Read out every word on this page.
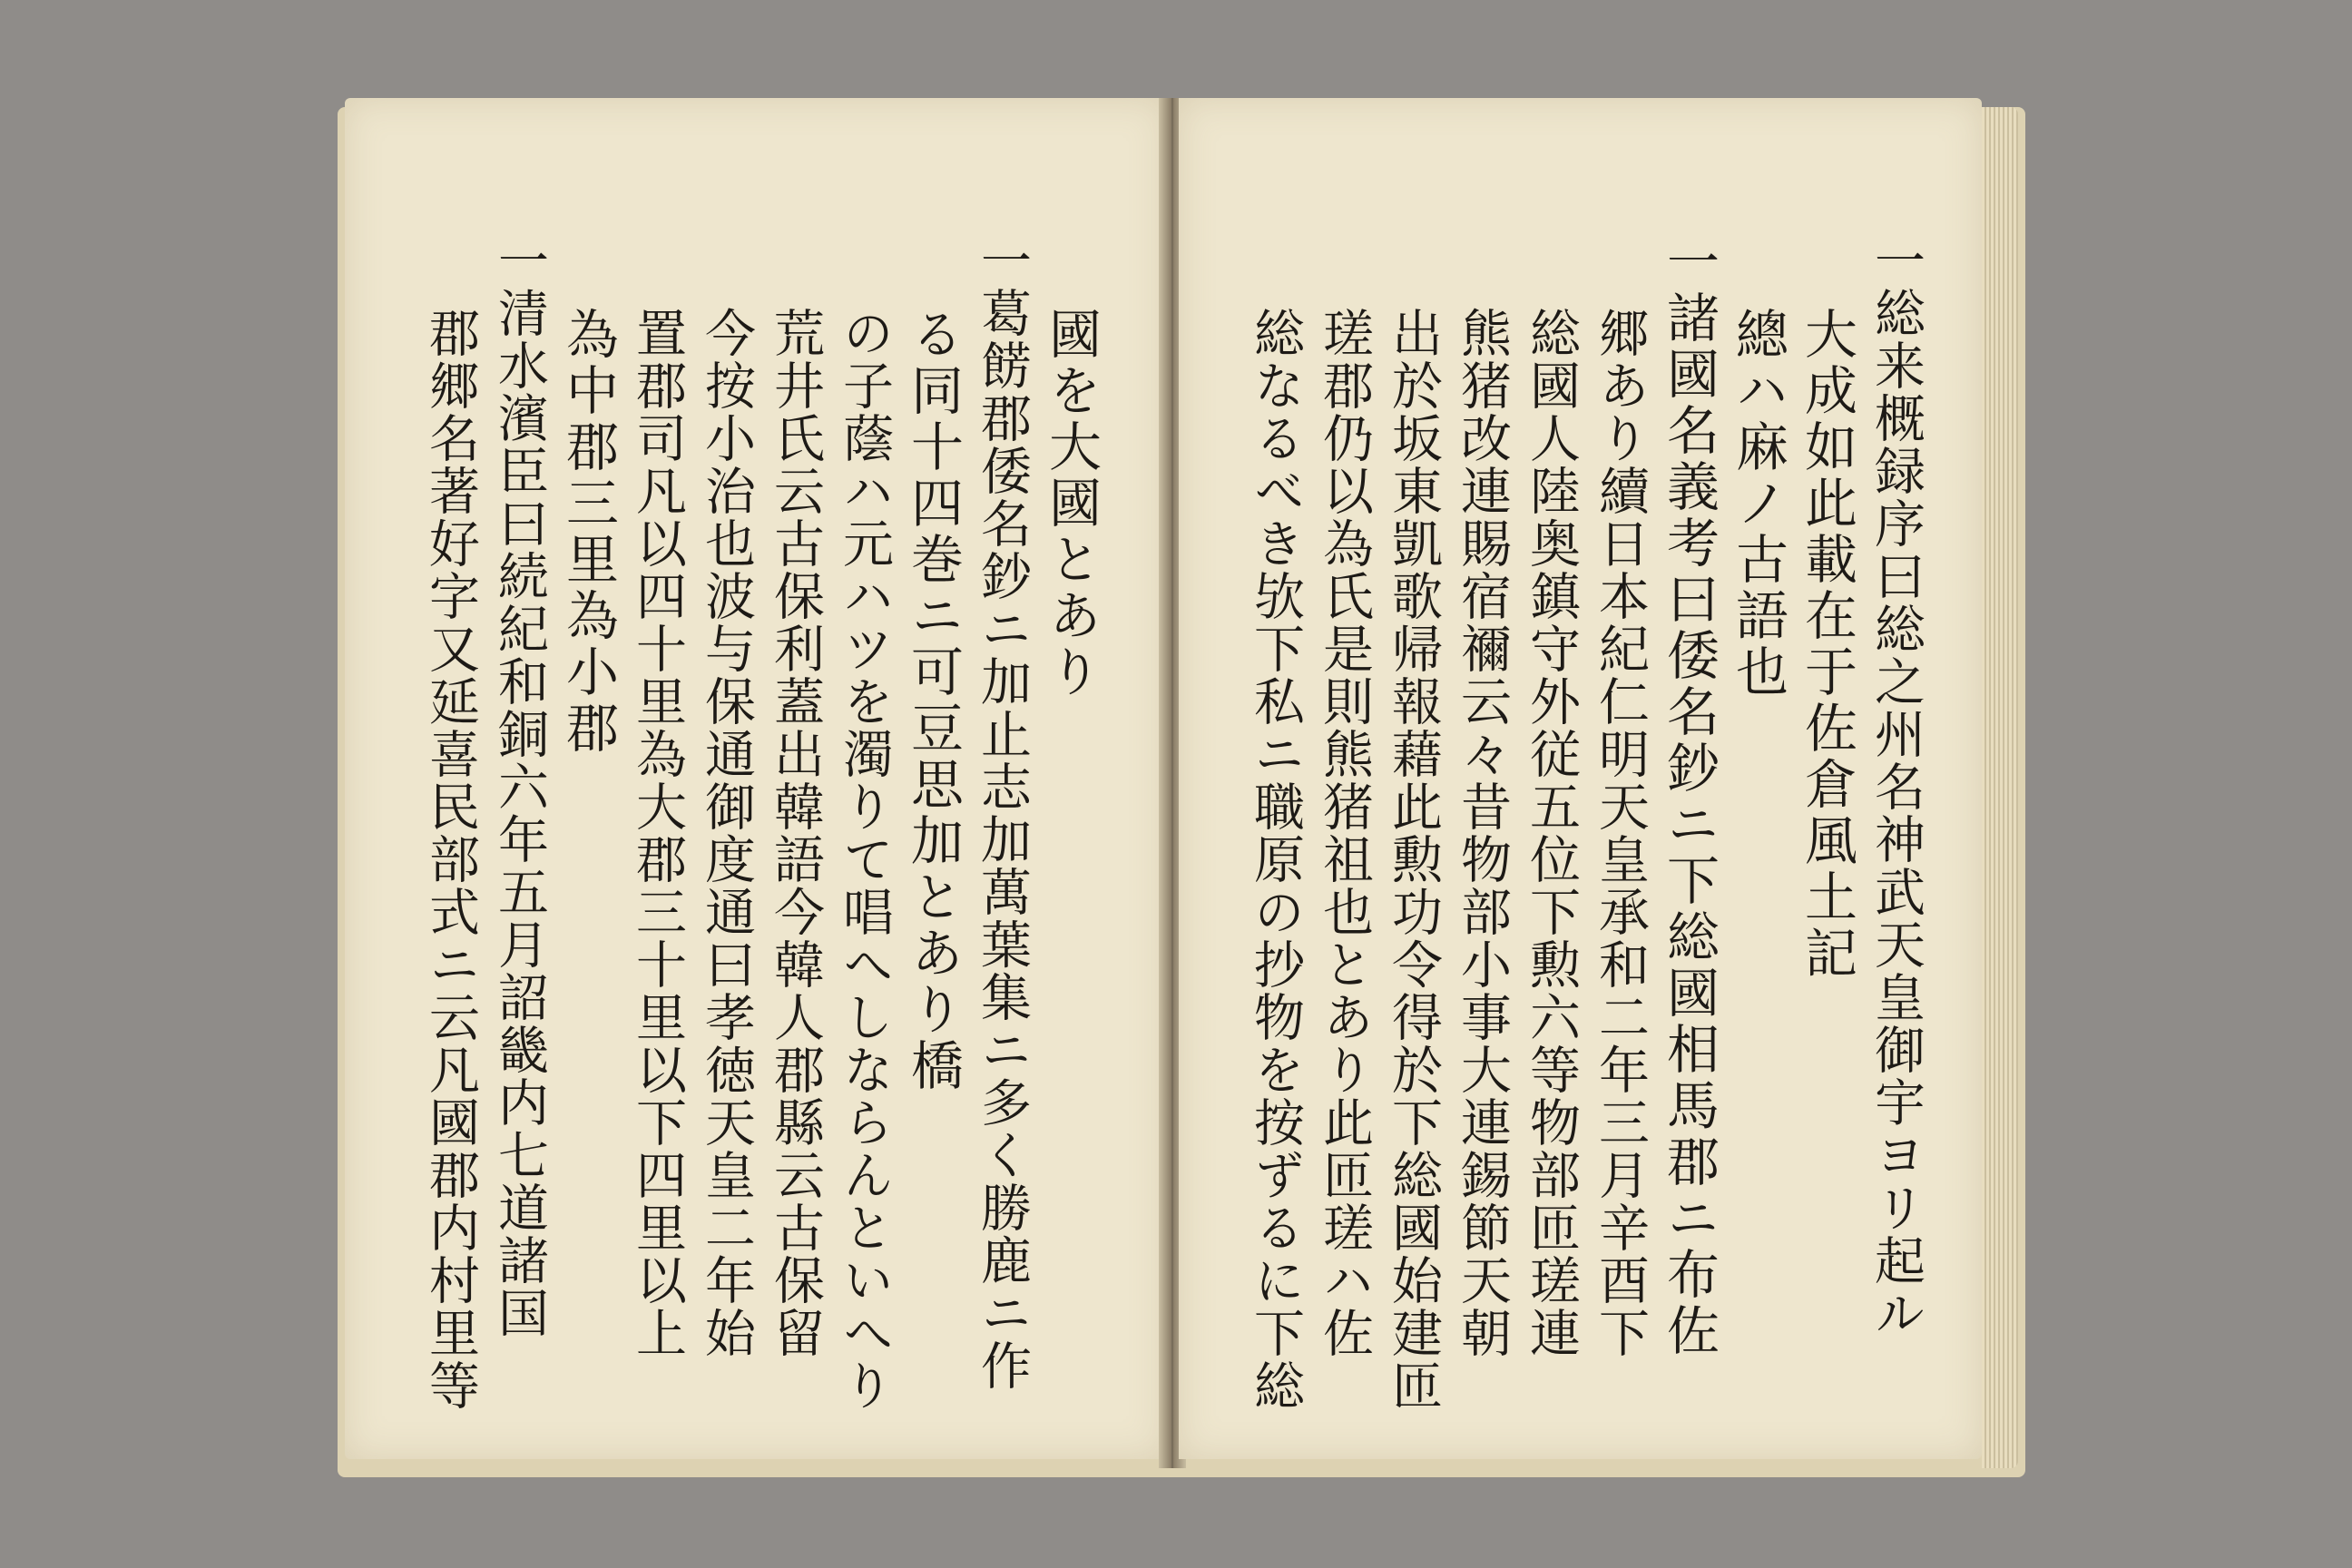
國を大國とあり
一葛餝郡倭名鈔ニ加止志加萬葉集ニ多く勝鹿ニ作
る同十四巻ニ可豆思加とあり橋
の子蔭ハ元ハツを濁りて唱へしならんといへり
荒井氏云古保利蓋出韓語今韓人郡縣云古保留
今按小治也波与保通御度通曰孝徳天皇二年始
置郡司凡以四十里為大郡三十里以下四里以上
為中郡三里為小郡
一清水濱臣曰続紀和銅六年五月詔畿内七道諸国
郡郷名著好字又延喜民部式ニ云凡國郡内村里等	一総来概録序曰総之州名神武天皇御宇ヨリ起ル
大成如此載在于佐倉風土記
總ハ麻ノ古語也
一諸國名義考曰倭名鈔ニ下総國相馬郡ニ布佐
郷あり續日本紀仁明天皇承和二年三月辛酉下
総國人陸奥鎮守外従五位下勲六等物部匝瑳連
熊猪改連賜宿禰云々昔物部小事大連錫節天朝
出於坂東凱歌帰報藉此勲功令得於下総國始建匝
瑳郡仍以為氏是則熊猪祖也とあり此匝瑳ハ佐
総なるべき欤下私ニ職原の抄物を按ずるに下総
